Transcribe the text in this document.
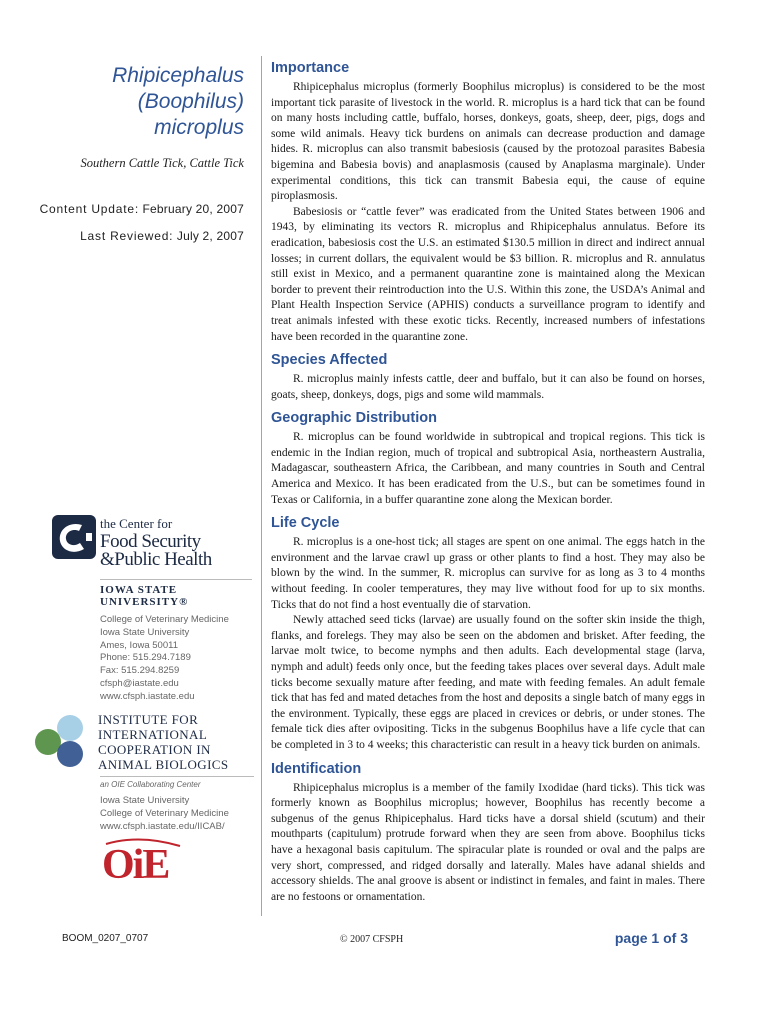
Rhipicephalus
(Boophilus)
microplus
Southern Cattle Tick, Cattle Tick
Content Update: February 20, 2007
Last Reviewed: July 2, 2007
the Center for
Food Security
&Public Health
IOWA STATE UNIVERSITY®
College of Veterinary Medicine
Iowa State University
Ames, Iowa 50011
Phone: 515.294.7189
Fax: 515.294.8259
cfsph@iastate.edu
www.cfsph.iastate.edu
INSTITUTE FOR
INTERNATIONAL
COOPERATION IN
ANIMAL BIOLOGICS
an OIE Collaborating Center
Iowa State University
College of Veterinary Medicine
www.cfsph.iastate.edu/IICAB/
OiE
Importance

Rhipicephalus microplus (formerly Boophilus microplus) is considered to be the most important tick parasite of livestock in the world. R. microplus is a hard tick that can be found on many hosts including cattle, buffalo, horses, donkeys, goats, sheep, deer, pigs, dogs and some wild animals. Heavy tick burdens on animals can decrease production and damage hides. R. microplus can also transmit babesiosis (caused by the protozoal parasites Babesia bigemina and Babesia bovis) and anaplasmosis (caused by Anaplasma marginale). Under experimental conditions, this tick can transmit Babesia equi, the cause of equine piroplasmosis.

Babesiosis or “cattle fever” was eradicated from the United States between 1906 and 1943, by eliminating its vectors R. microplus and Rhipicephalus annulatus. Before its eradication, babesiosis cost the U.S. an estimated $130.5 million in direct and indirect annual losses; in current dollars, the equivalent would be $3 billion. R. microplus and R. annulatus still exist in Mexico, and a permanent quarantine zone is maintained along the Mexican border to prevent their reintroduction into the U.S. Within this zone, the USDA’s Animal and Plant Health Inspection Service (APHIS) conducts a surveillance program to identify and treat animals infested with these exotic ticks. Recently, increased numbers of infestations have been recorded in the quarantine zone.

Species Affected

R. microplus mainly infests cattle, deer and buffalo, but it can also be found on horses, goats, sheep, donkeys, dogs, pigs and some wild mammals.

Geographic Distribution

R. microplus can be found worldwide in subtropical and tropical regions. This tick is endemic in the Indian region, much of tropical and subtropical Asia, northeastern Australia, Madagascar, southeastern Africa, the Caribbean, and many countries in South and Central America and Mexico. It has been eradicated from the U.S., but can be sometimes found in Texas or California, in a buffer quarantine zone along the Mexican border.

Life Cycle

R. microplus is a one-host tick; all stages are spent on one animal. The eggs hatch in the environment and the larvae crawl up grass or other plants to find a host. They may also be blown by the wind. In the summer, R. microplus can survive for as long as 3 to 4 months without feeding. In cooler temperatures, they may live without food for up to six months. Ticks that do not find a host eventually die of starvation.

Newly attached seed ticks (larvae) are usually found on the softer skin inside the thigh, flanks, and forelegs. They may also be seen on the abdomen and brisket. After feeding, the larvae molt twice, to become nymphs and then adults. Each developmental stage (larva, nymph and adult) feeds only once, but the feeding takes places over several days. Adult male ticks become sexually mature after feeding, and mate with feeding females. An adult female tick that has fed and mated detaches from the host and deposits a single batch of many eggs in the environment. Typically, these eggs are placed in crevices or debris, or under stones. The female tick dies after ovipositing. Ticks in the subgenus Boophilus have a life cycle that can be completed in 3 to 4 weeks; this characteristic can result in a heavy tick burden on animals.

Identification

Rhipicephalus microplus is a member of the family Ixodidae (hard ticks). This tick was formerly known as Boophilus microplus; however, Boophilus has recently become a subgenus of the genus Rhipicephalus. Hard ticks have a dorsal shield (scutum) and their mouthparts (capitulum) protrude forward when they are seen from above. Boophilus ticks have a hexagonal basis capitulum. The spiracular plate is rounded or oval and the palps are very short, compressed, and ridged dorsally and laterally. Males have adanal shields and accessory shields. The anal groove is absent or indistinct in females, and faint in males. There are no festoons or ornamentation.

BOOM_0207_0707	© 2007 CFSPH	page 1 of 3
